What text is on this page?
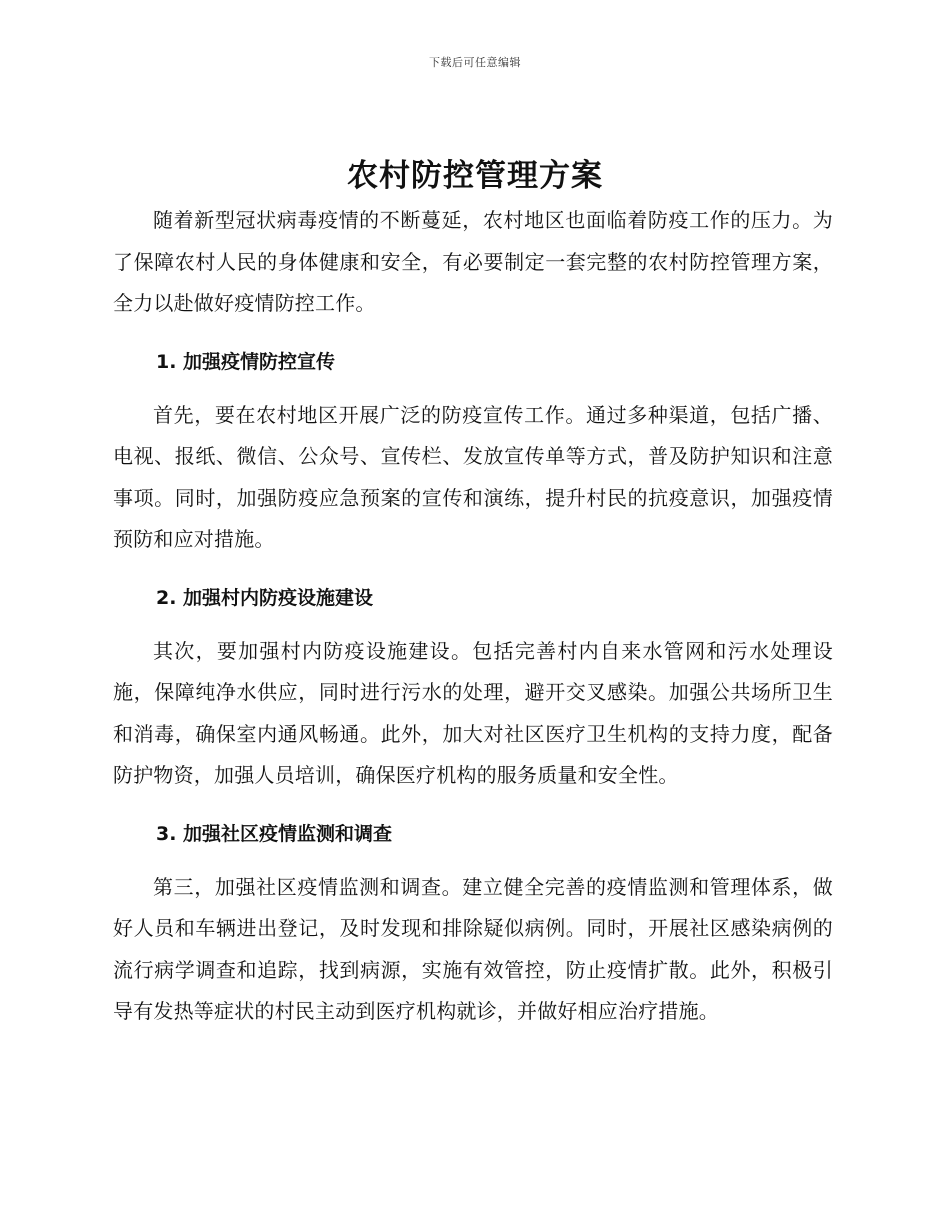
下载后可任意编辑
农村防控管理方案

随着新型冠状病毒疫情的不断蔓延，农村地区也面临着防疫工作的压力。为了保障农村人民的身体健康和安全，有必要制定一套完整的农村防控管理方案，全力以赴做好疫情防控工作。

1. 加强疫情防控宣传

首先，要在农村地区开展广泛的防疫宣传工作。通过多种渠道，包括广播、电视、报纸、微信、公众号、宣传栏、发放宣传单等方式，普及防护知识和注意事项。同时，加强防疫应急预案的宣传和演练，提升村民的抗疫意识，加强疫情预防和应对措施。

2. 加强村内防疫设施建设

其次，要加强村内防疫设施建设。包括完善村内自来水管网和污水处理设施，保障纯净水供应，同时进行污水的处理，避开交叉感染。加强公共场所卫生和消毒，确保室内通风畅通。此外，加大对社区医疗卫生机构的支持力度，配备防护物资，加强人员培训，确保医疗机构的服务质量和安全性。

3. 加强社区疫情监测和调查

第三，加强社区疫情监测和调查。建立健全完善的疫情监测和管理体系，做好人员和车辆进出登记，及时发现和排除疑似病例。同时，开展社区感染病例的流行病学调查和追踪，找到病源，实施有效管控，防止疫情扩散。此外，积极引导有发热等症状的村民主动到医疗机构就诊，并做好相应治疗措施。
